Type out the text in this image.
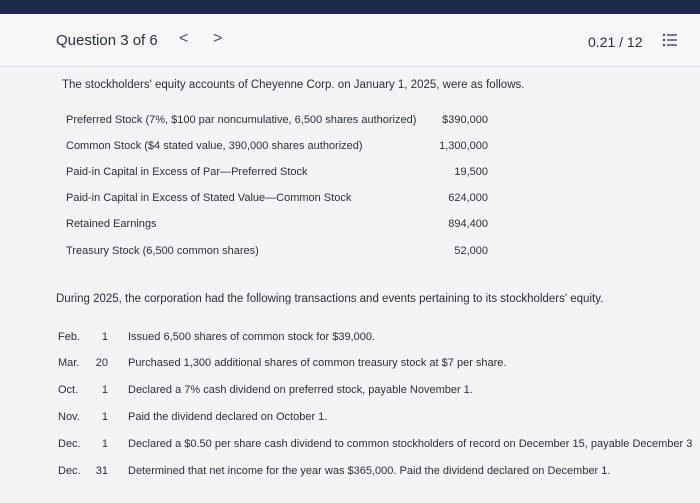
Question 3 of 6 < >	0.21 / 12
The stockholders' equity accounts of Cheyenne Corp. on January 1, 2025, were as follows.
Preferred Stock (7%, $100 par noncumulative, 6,500 shares authorized) $390,000
Common Stock ($4 stated value, 390,000 shares authorized)	1,300,000
Paid-in Capital in Excess of Par—Preferred Stock	19,500
Paid-in Capital in Excess of Stated Value—Common Stock	624,000
Retained Earnings	894,400
Treasury Stock (6,500 common shares)	52,000
During 2025, the corporation had the following transactions and events pertaining to its stockholders' equity.
Feb.	1 Issued 6,500 shares of common stock for $39,000.
Mar.	20 Purchased 1,300 additional shares of common treasury stock at $7 per share.
Oct.	1 Declared a 7% cash dividend on preferred stock, payable November 1.
Nov.	1 Paid the dividend declared on October 1.
Dec.	1 Declared a $0.50 per share cash dividend to common stockholders of record on December 15, payable December 3
Dec.	31 Determined that net income for the year was $365,000. Paid the dividend declared on December 1.
